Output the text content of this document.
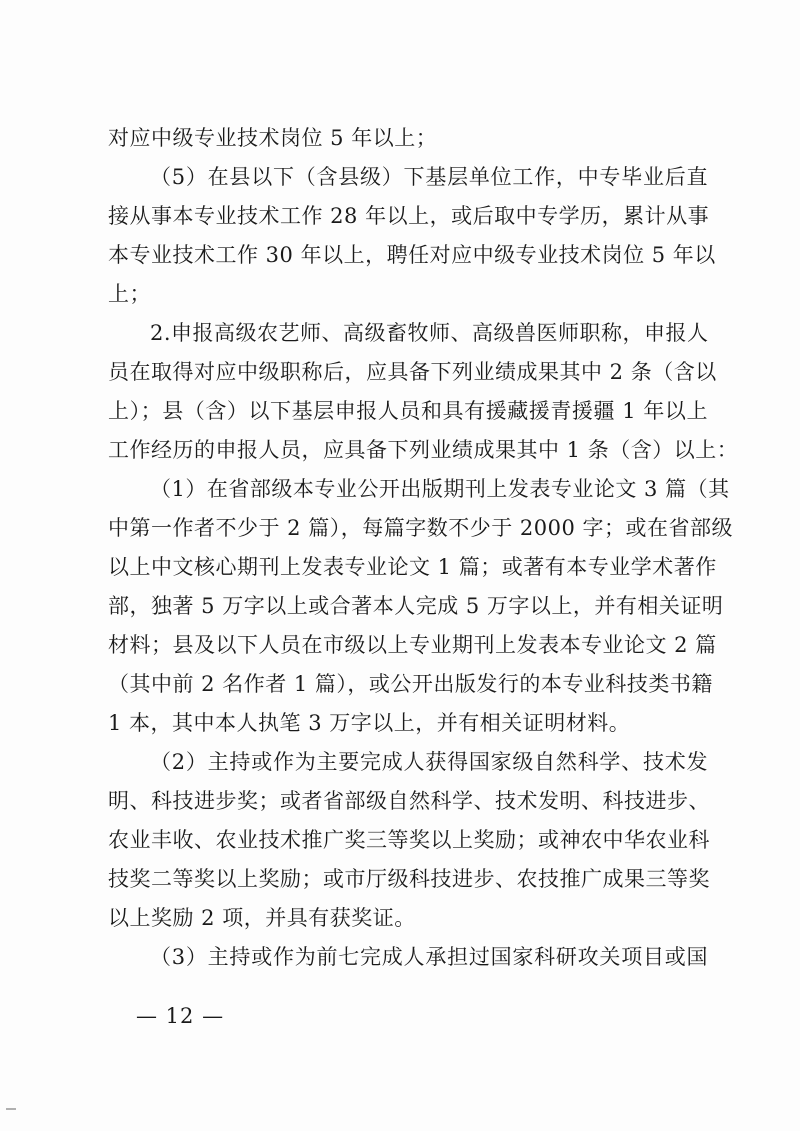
对应中级专业技术岗位 5 年以上；
（5）在县以下（含县级）下基层单位工作，中专毕业后直
接从事本专业技术工作 28 年以上，或后取中专学历，累计从事
本专业技术工作 30 年以上，聘任对应中级专业技术岗位 5 年以
上；
2.申报高级农艺师、高级畜牧师、高级兽医师职称，申报人
员在取得对应中级职称后，应具备下列业绩成果其中 2 条（含以
上）；县（含）以下基层申报人员和具有援藏援青援疆 1 年以上
工作经历的申报人员，应具备下列业绩成果其中 1 条（含）以上：
（1）在省部级本专业公开出版期刊上发表专业论文 3 篇（其
中第一作者不少于 2 篇），每篇字数不少于 2000 字；或在省部级
以上中文核心期刊上发表专业论文 1 篇；或著有本专业学术著作
部，独著 5 万字以上或合著本人完成 5 万字以上，并有相关证明
材料；县及以下人员在市级以上专业期刊上发表本专业论文 2 篇
（其中前 2 名作者 1 篇），或公开出版发行的本专业科技类书籍
1 本，其中本人执笔 3 万字以上，并有相关证明材料。
（2）主持或作为主要完成人获得国家级自然科学、技术发
明、科技进步奖；或者省部级自然科学、技术发明、科技进步、
农业丰收、农业技术推广奖三等奖以上奖励；或神农中华农业科
技奖二等奖以上奖励；或市厅级科技进步、农技推广成果三等奖
以上奖励 2 项，并具有获奖证。
（3）主持或作为前七完成人承担过国家科研攻关项目或国
— 12 —
